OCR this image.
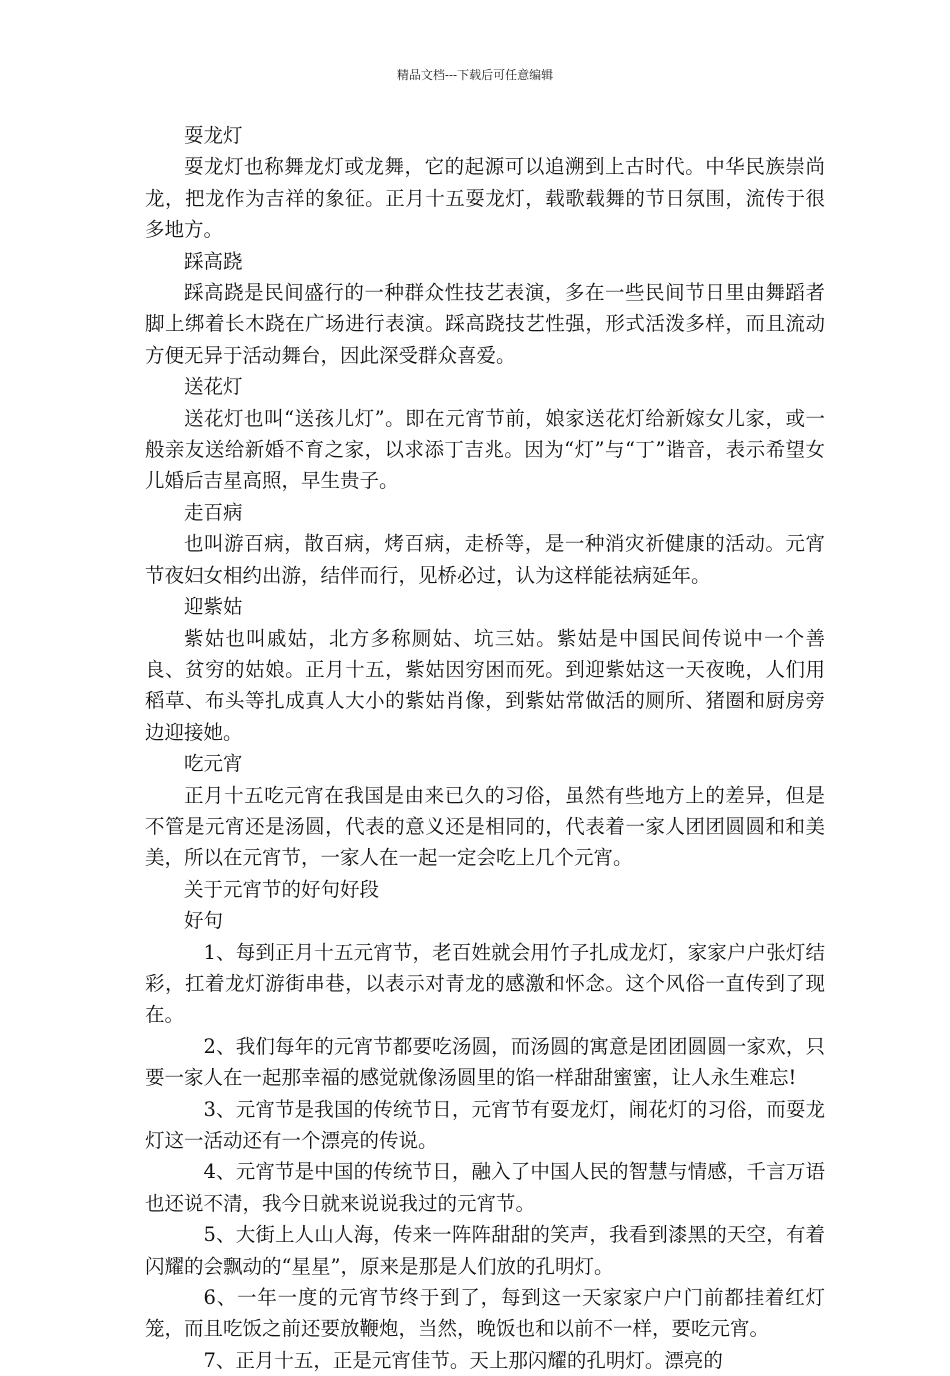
精品文档---下载后可任意编辑

耍龙灯

耍龙灯也称舞龙灯或龙舞，它的起源可以追溯到上古时代。中华民族崇尚龙，把龙作为吉祥的象征。正月十五耍龙灯，载歌载舞的节日氛围，流传于很多地方。

踩高跷

踩高跷是民间盛行的一种群众性技艺表演，多在一些民间节日里由舞蹈者脚上绑着长木跷在广场进行表演。踩高跷技艺性强，形式活泼多样，而且流动方便无异于活动舞台，因此深受群众喜爱。

送花灯

送花灯也叫“送孩儿灯”。即在元宵节前，娘家送花灯给新嫁女儿家，或一般亲友送给新婚不育之家，以求添丁吉兆。因为“灯”与“丁”谐音，表示希望女儿婚后吉星高照，早生贵子。

走百病

也叫游百病，散百病，烤百病，走桥等，是一种消灾祈健康的活动。元宵节夜妇女相约出游，结伴而行，见桥必过，认为这样能祛病延年。

迎紫姑

紫姑也叫戚姑，北方多称厕姑、坑三姑。紫姑是中国民间传说中一个善良、贫穷的姑娘。正月十五，紫姑因穷困而死。到迎紫姑这一天夜晚，人们用稻草、布头等扎成真人大小的紫姑肖像，到紫姑常做活的厕所、猪圈和厨房旁边迎接她。

吃元宵

正月十五吃元宵在我国是由来已久的习俗，虽然有些地方上的差异，但是不管是元宵还是汤圆，代表的意义还是相同的，代表着一家人团团圆圆和和美美，所以在元宵节，一家人在一起一定会吃上几个元宵。

关于元宵节的好句好段

好句

1、每到正月十五元宵节，老百姓就会用竹子扎成龙灯，家家户户张灯结彩，扛着龙灯游街串巷，以表示对青龙的感激和怀念。这个风俗一直传到了现在。

2、我们每年的元宵节都要吃汤圆，而汤圆的寓意是团团圆圆一家欢，只要一家人在一起那幸福的感觉就像汤圆里的馅一样甜甜蜜蜜，让人永生难忘!

3、元宵节是我国的传统节日，元宵节有耍龙灯，闹花灯的习俗，而耍龙灯这一活动还有一个漂亮的传说。

4、元宵节是中国的传统节日，融入了中国人民的智慧与情感，千言万语也还说不清，我今日就来说说我过的元宵节。

5、大街上人山人海，传来一阵阵甜甜的笑声，我看到漆黑的天空，有着闪耀的会飘动的“星星”，原来是那是人们放的孔明灯。

6、一年一度的元宵节终于到了，每到这一天家家户户门前都挂着红灯笼，而且吃饭之前还要放鞭炮，当然，晚饭也和以前不一样，要吃元宵。

7、正月十五，正是元宵佳节。天上那闪耀的孔明灯。漂亮的
